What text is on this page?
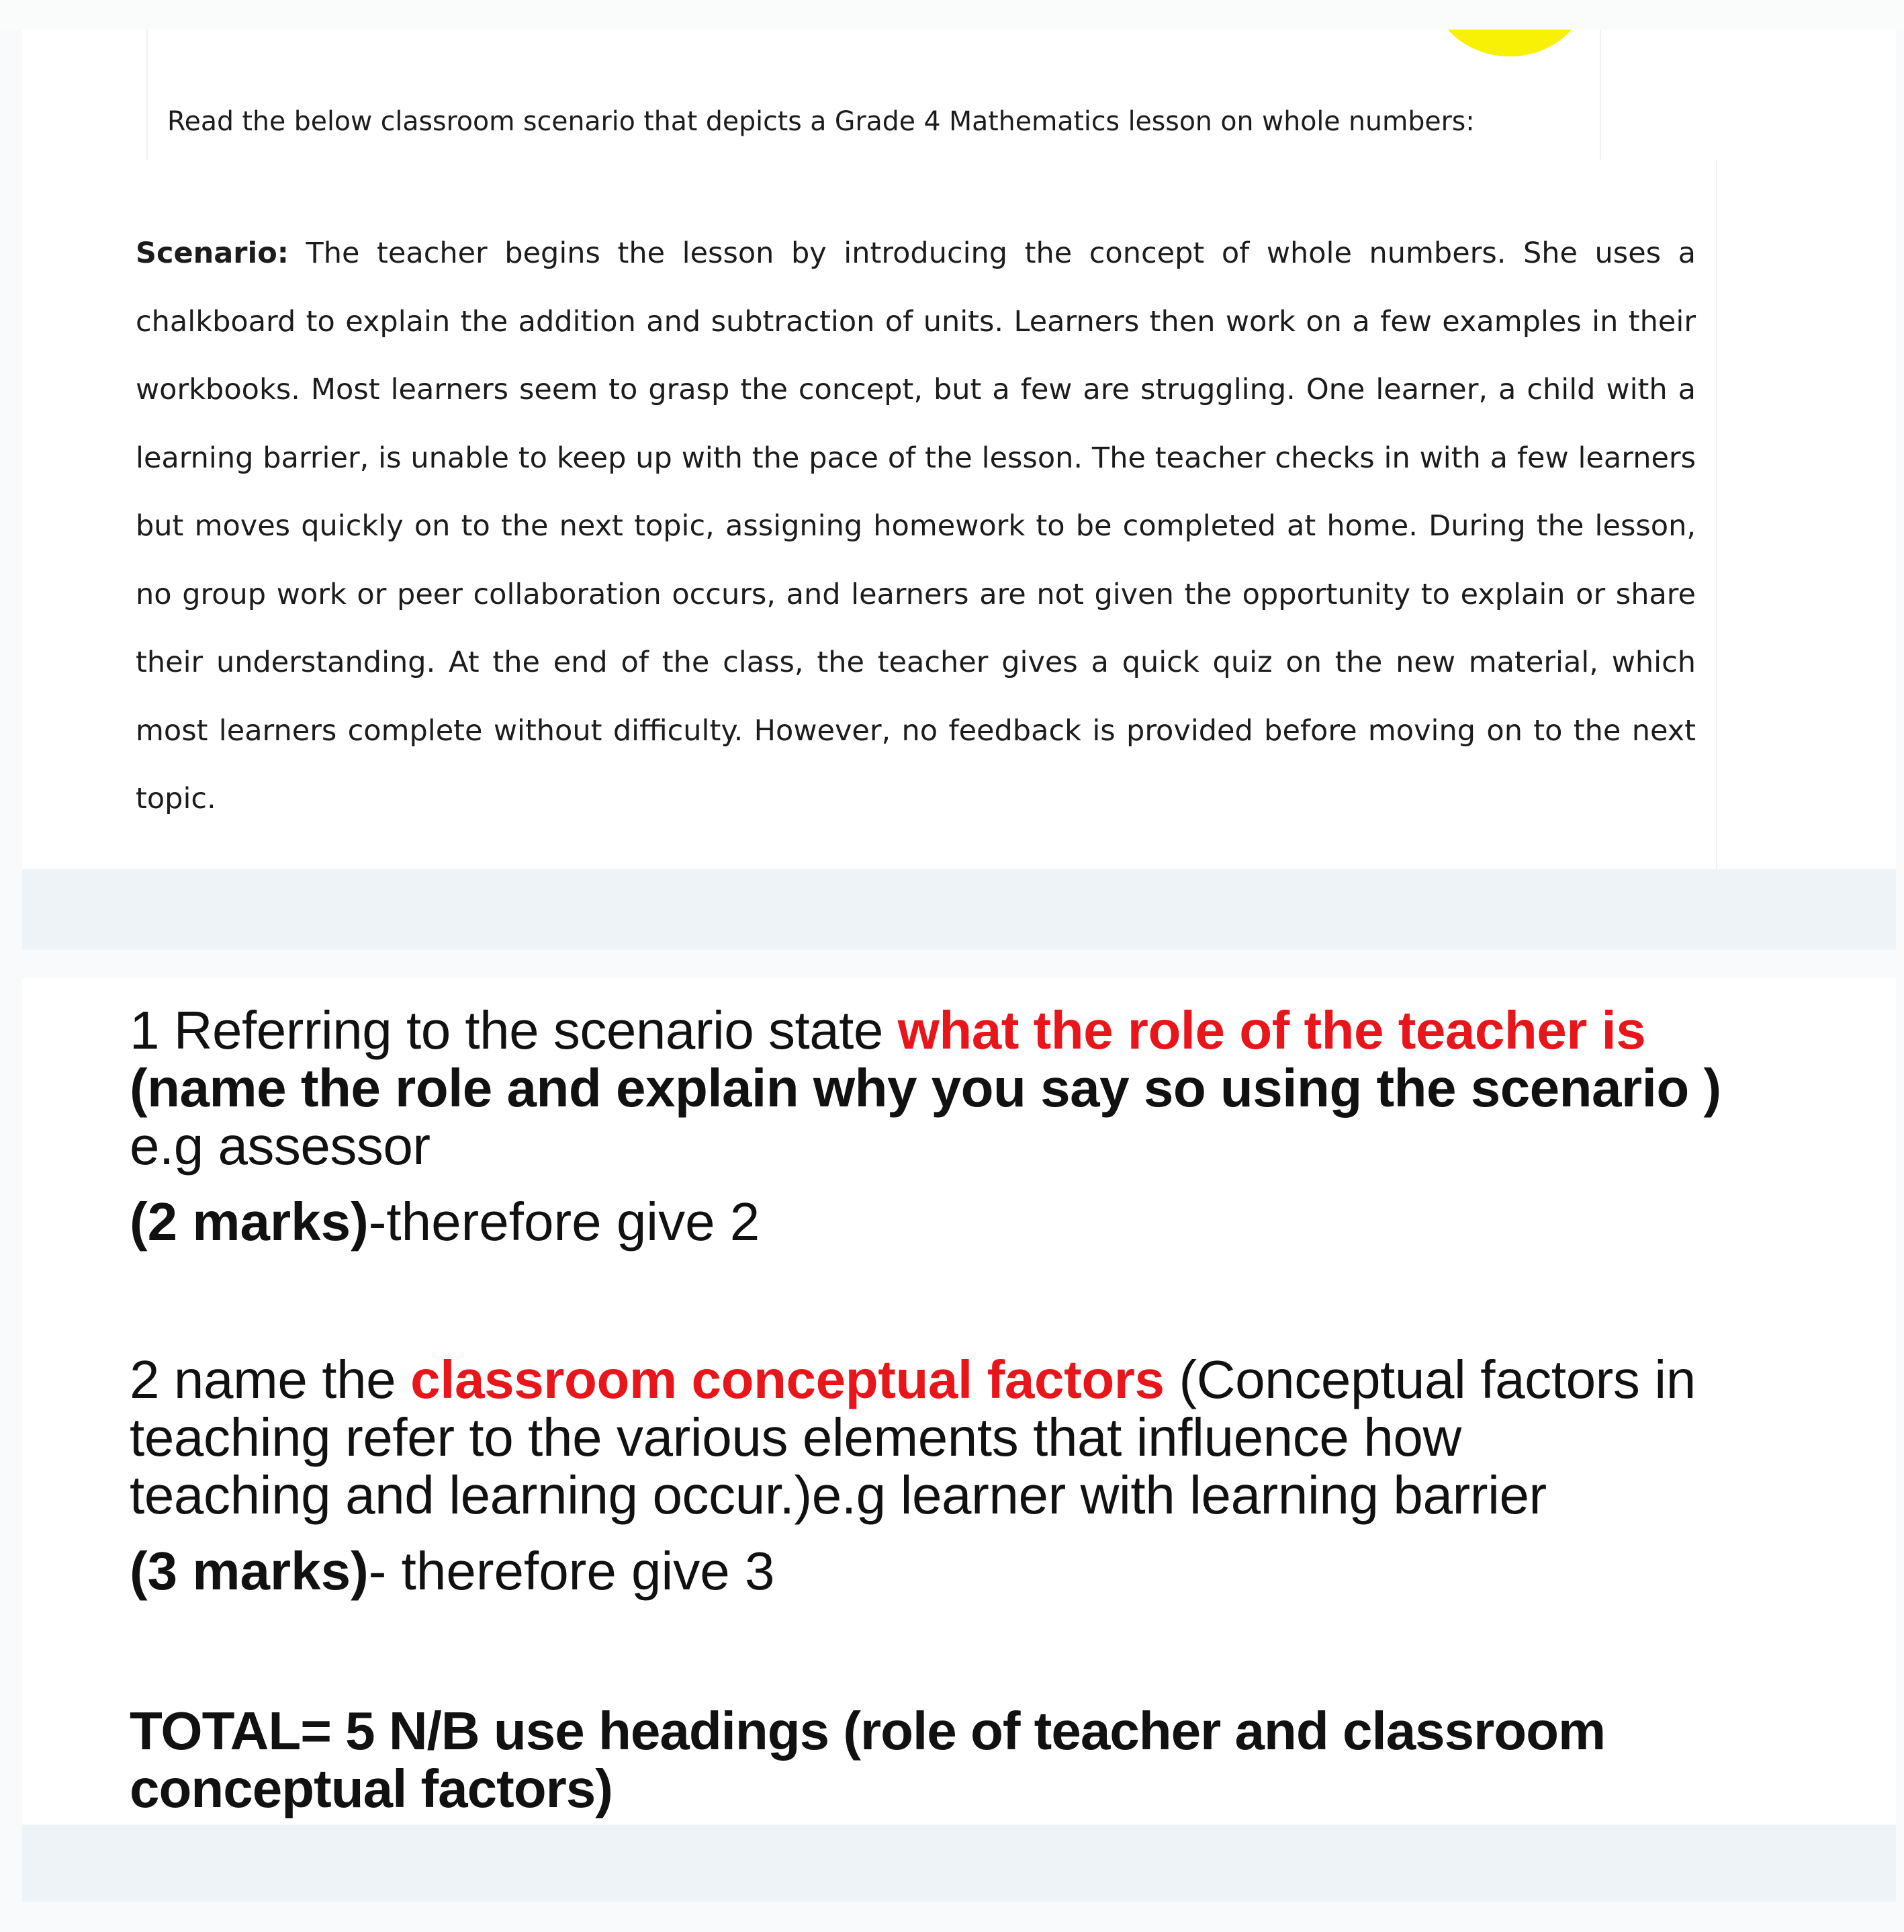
Read the below classroom scenario that depicts a Grade 4 Mathematics lesson on whole numbers:

Scenario: The teacher begins the lesson by introducing the concept of whole numbers. She uses a chalkboard to explain the addition and subtraction of units. Learners then work on a few examples in their workbooks. Most learners seem to grasp the concept, but a few are struggling. One learner, a child with a learning barrier, is unable to keep up with the pace of the lesson. The teacher checks in with a few learners but moves quickly on to the next topic, assigning homework to be completed at home. During the lesson, no group work or peer collaboration occurs, and learners are not given the opportunity to explain or share their understanding. At the end of the class, the teacher gives a quick quiz on the new material, which most learners complete without difficulty. However, no feedback is provided before moving on to the next topic.

1 Referring to the scenario state what the role of the teacher is
(name the role and explain why you say so using the scenario )
e.g assessor

(2 marks)-therefore give 2

2 name the classroom conceptual factors (Conceptual factors in
teaching refer to the various elements that influence how
teaching and learning occur.)e.g learner with learning barrier

(3 marks)- therefore give 3

TOTAL= 5 N/B use headings (role of teacher and classroom
conceptual factors)
